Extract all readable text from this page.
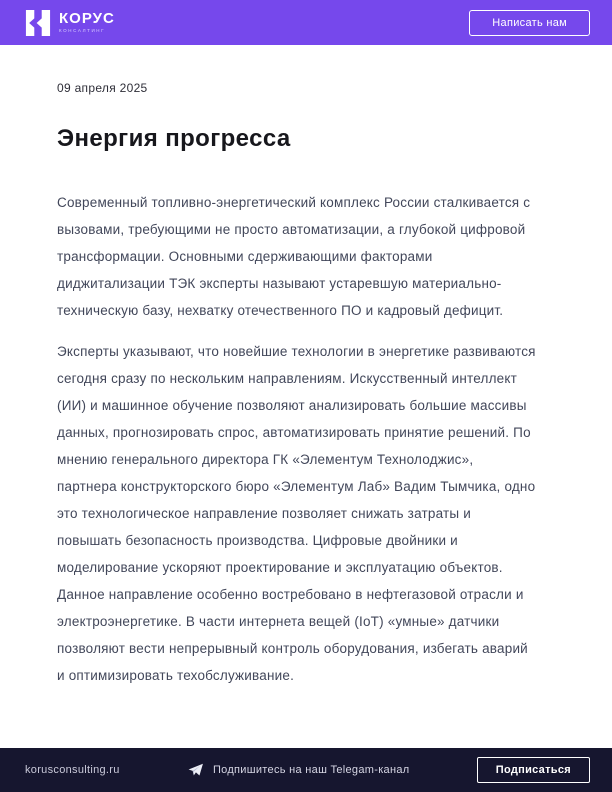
КОРУС
КОНСАЛТИНГ
Написать нам
09 апреля 2025
Энергия прогресса

Современный топливно-энергетический комплекс России сталкивается с вызовами, требующими не просто автоматизации, а глубокой цифровой трансформации. Основными сдерживающими факторами диджитализации ТЭК эксперты называют устаревшую материально-техническую базу, нехватку отечественного ПО и кадровый дефицит.

Эксперты указывают, что новейшие технологии в энергетике развиваются сегодня сразу по нескольким направлениям. Искусственный интеллект (ИИ) и машинное обучение позволяют анализировать большие массивы данных, прогнозировать спрос, автоматизировать принятие решений. По мнению генерального директора ГК «Элементум Технолоджис», партнера конструкторского бюро «Элементум Лаб» Вадим Тымчика, одно это технологическое направление позволяет снижать затраты и повышать безопасность производства. Цифровые двойники и моделирование ускоряют проектирование и эксплуатацию объектов. Данное направление особенно востребовано в нефтегазовой отрасли и электроэнергетике. В части интернета вещей (IoT) «умные» датчики позволяют вести непрерывный контроль оборудования, избегать аварий и оптимизировать техобслуживание.

korusconsulting.ru	Подпишитесь на наш Telegam-канал	Подписаться
